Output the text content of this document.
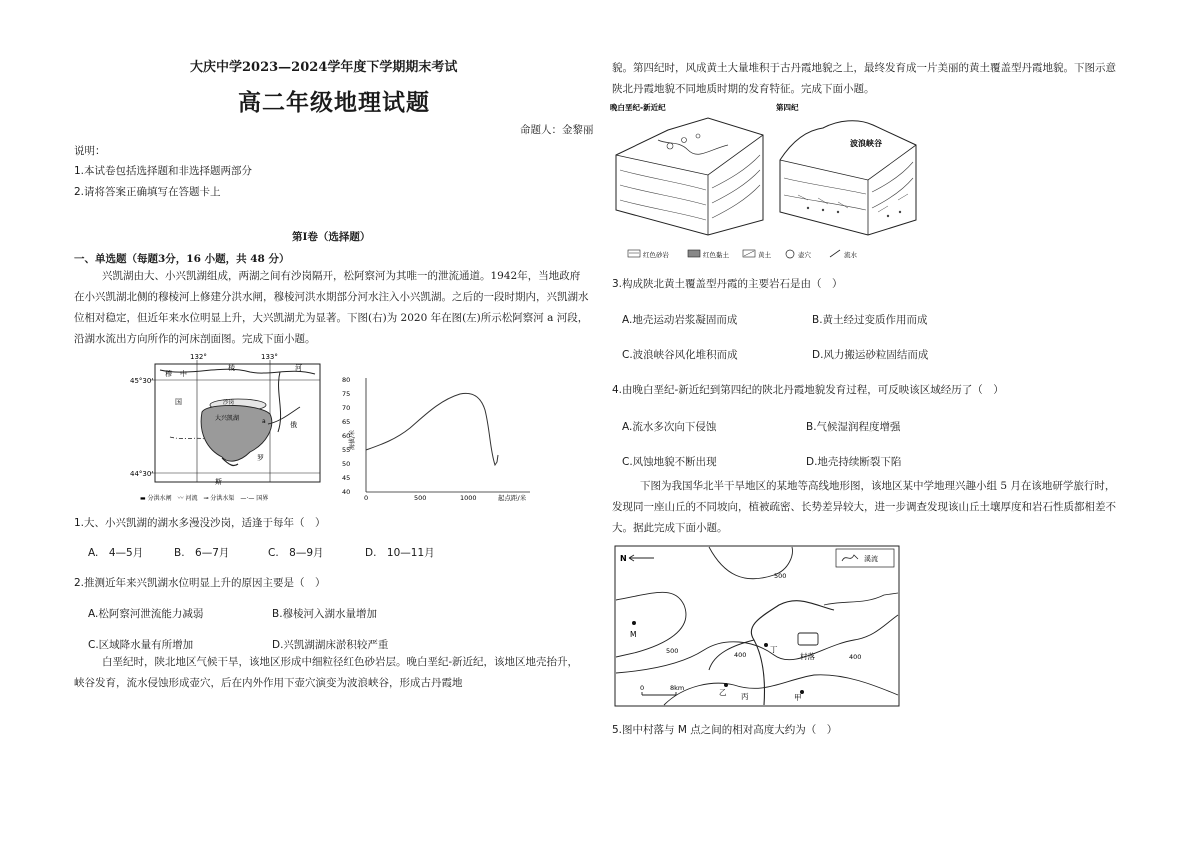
大庆中学2023—2024学年度下学期期末考试
高二年级地理试题
命题人：金黎丽
说明：
1.本试卷包括选择题和非选择题两部分
2.请将答案正确填写在答题卡上
第Ⅰ卷（选择题）
一、单选题（每题3分，16 小题，共 48 分）

兴凯湖由大、小兴凯湖组成，两湖之间有沙岗隔开，松阿察河为其唯一的泄流通道。1942年，当地政府

在小兴凯湖北侧的穆棱河上修建分洪水闸，穆棱河洪水期部分河水注入小兴凯湖。之后的一段时期内，兴凯湖水

位相对稳定，但近年来水位明显上升，大兴凯湖尤为显著。下图(右)为 2020 年在图(左)所示松阿察河 a 河段，

沿湖水流出方向所作的河床剖面图。完成下面小题。

132°	133°
45°30'
44°30'
穆 中
棱	河
国
俄
罗
斯
沙岗
大兴凯湖	a
▬ 分洪水闸　〰 河流　⊸ 分洪水渠　—·— 国界
80
75
70
65
60
55
50
45
40
海拔/米
0	500	1000	起点距/米
1.大、小兴凯湖的湖水多漫没沙岗，适逢于每年（　）
A.　4—5月	B.　6—7月	C.　8—9月	D.　10—11月
2.推测近年来兴凯湖水位明显上升的原因主要是（　）
A.松阿察河泄流能力减弱	B.穆棱河入湖水量增加
C.区域降水量有所增加	D.兴凯湖湖床淤积较严重

白垩纪时，陕北地区气候干旱，该地区形成中细粒径红色砂岩层。晚白垩纪-新近纪，该地区地壳抬升，

峡谷发育，流水侵蚀形成壶穴，后在内外作用下壶穴演变为波浪峡谷，形成古丹霞地

貌。第四纪时，风成黄土大量堆积于古丹霞地貌之上，最终发育成一片美丽的黄土覆盖型丹霞地貌。下图示意

陕北丹霞地貌不同地质时期的发育特征。完成下面小题。

晚白垩纪-新近纪	第四纪
波浪峡谷
红色砂岩	红色黏土	黄土	壶穴	流水
3.构成陕北黄土覆盖型丹霞的主要岩石是由（　）
A.地壳运动岩浆凝固而成	B.黄土经过变质作用而成
C.波浪峡谷风化堆积而成	D.风力搬运砂粒固结而成
4.由晚白垩纪-新近纪到第四纪的陕北丹霞地貌发育过程，可反映该区域经历了（　）
A.流水多次向下侵蚀	B.气候湿润程度增强
C.风蚀地貌不断出现	D.地壳持续断裂下陷

下图为我国华北半干旱地区的某地等高线地形图，该地区某中学地理兴趣小组 5 月在该地研学旅行时，

发现同一座山丘的不同坡向，植被疏密、长势差异较大，进一步调查发现该山丘土壤厚度和岩石性质都相差不

大。据此完成下面小题。

N	溪流
500
500	400	400
M
丁
乙 丙	甲
村落
0	8km
5.图中村落与 M 点之间的相对高度大约为（　）
